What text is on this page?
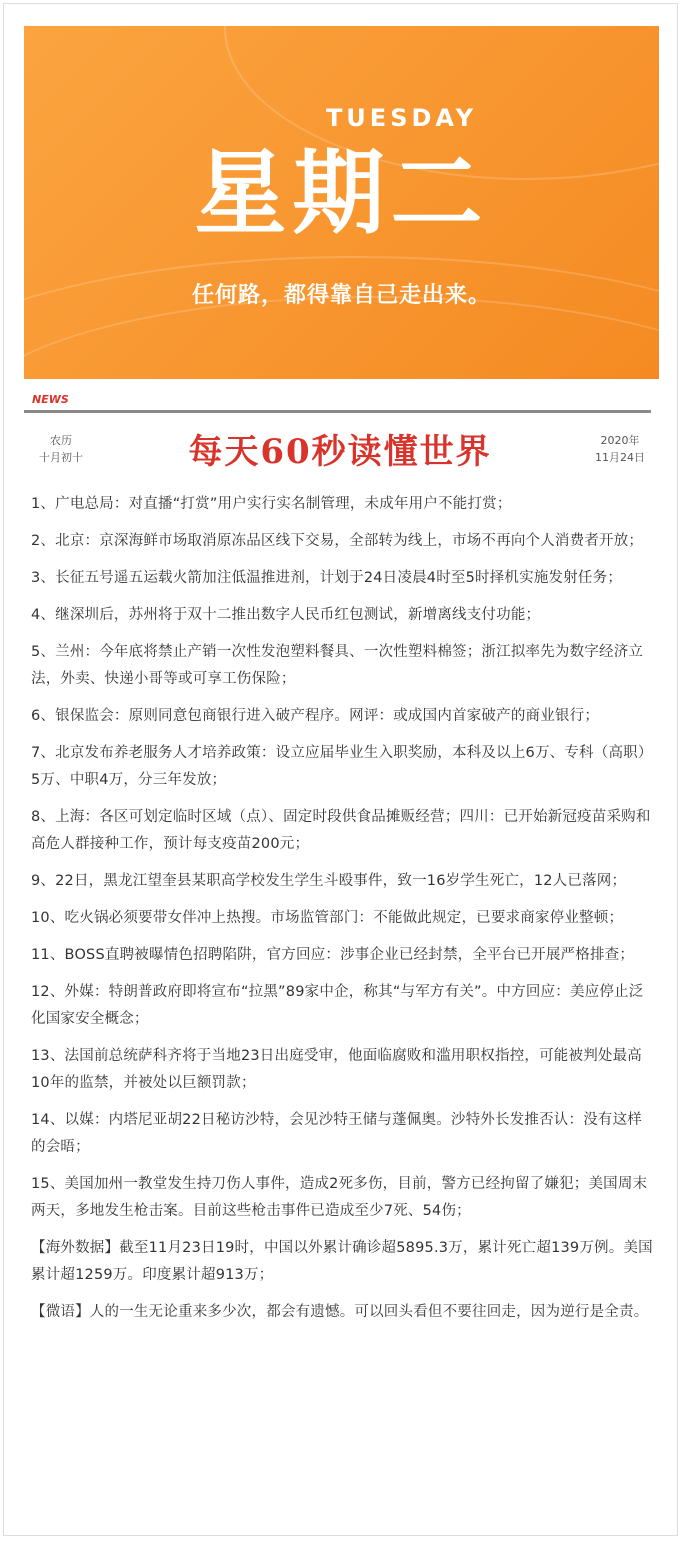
TUESDAY
星期二
任何路，都得靠自己走出来。
NEWS
农历
十月初十	每天60秒读懂世界	2020年
11月24日
1、广电总局：对直播“打赏”用户实行实名制管理，未成年用户不能打赏；
2、北京：京深海鲜市场取消原冻品区线下交易，全部转为线上，市场不再向个人消费者开放；
3、长征五号遥五运载火箭加注低温推进剂，计划于24日凌晨4时至5时择机实施发射任务；
4、继深圳后，苏州将于双十二推出数字人民币红包测试，新增离线支付功能；
5、兰州：今年底将禁止产销一次性发泡塑料餐具、一次性塑料棉签；浙江拟率先为数字经济立法，外卖、快递小哥等或可享工伤保险；
6、银保监会：原则同意包商银行进入破产程序。网评：或成国内首家破产的商业银行；
7、北京发布养老服务人才培养政策：设立应届毕业生入职奖励，本科及以上6万、专科（高职）5万、中职4万，分三年发放；
8、上海：各区可划定临时区域（点）、固定时段供食品摊贩经营；四川：已开始新冠疫苗采购和高危人群接种工作，预计每支疫苗200元；
9、22日，黑龙江望奎县某职高学校发生学生斗殴事件，致一16岁学生死亡，12人已落网；
10、吃火锅必须要带女伴冲上热搜。市场监管部门：不能做此规定，已要求商家停业整顿；
11、BOSS直聘被曝情色招聘陷阱，官方回应：涉事企业已经封禁，全平台已开展严格排查；
12、外媒：特朗普政府即将宣布“拉黑”89家中企，称其“与军方有关”。中方回应：美应停止泛化国家安全概念；
13、法国前总统萨科齐将于当地23日出庭受审，他面临腐败和滥用职权指控，可能被判处最高10年的监禁，并被处以巨额罚款；
14、以媒：内塔尼亚胡22日秘访沙特，会见沙特王储与蓬佩奥。沙特外长发推否认：没有这样的会晤；
15、美国加州一教堂发生持刀伤人事件，造成2死多伤，目前，警方已经拘留了嫌犯；美国周末两天，多地发生枪击案。目前这些枪击事件已造成至少7死、54伤；
【海外数据】截至11月23日19时，中国以外累计确诊超5895.3万，累计死亡超139万例。美国累计超1259万。印度累计超913万；
【微语】人的一生无论重来多少次，都会有遗憾。可以回头看但不要往回走，因为逆行是全责。
